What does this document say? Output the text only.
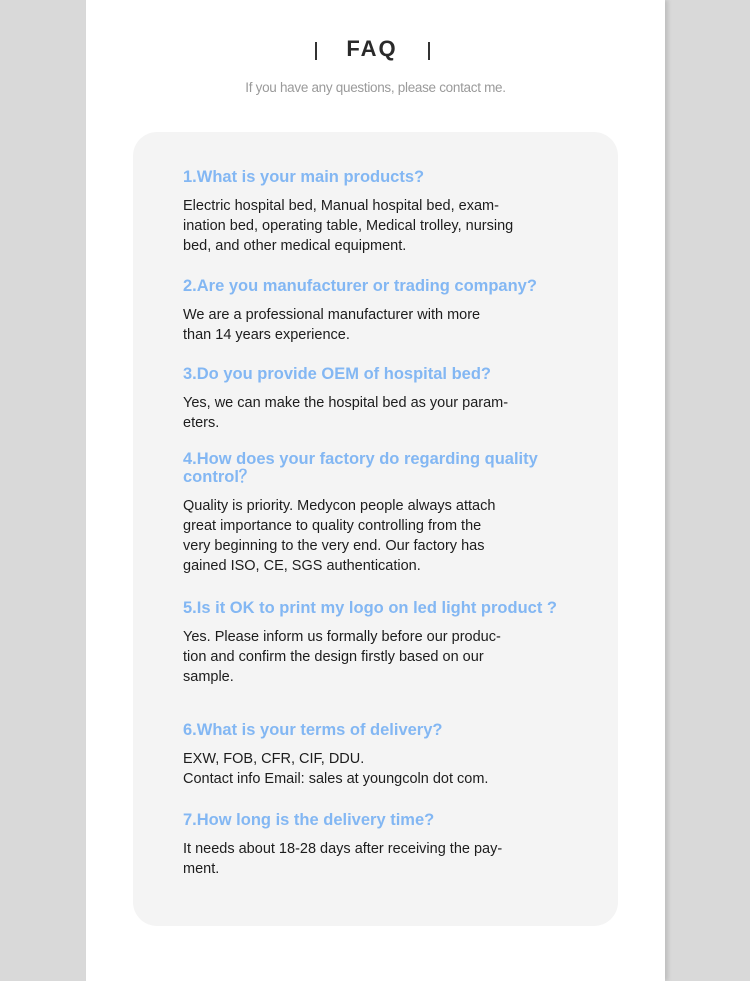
FAQ
If you have any questions, please contact me.

1.What is your main products?

Electric hospital bed, Manual hospital bed, exam-
ination bed, operating table, Medical trolley, nursing
bed, and other medical equipment.

2.Are you manufacturer or trading company?

We are a professional manufacturer with more
than 14 years experience.

3.Do you provide OEM of hospital bed?

Yes, we can make the hospital bed as your param-
eters.

4.How does your factory do regarding quality control？

Quality is priority. Medycon people always attach
great importance to quality controlling from the
very beginning to the very end. Our factory has
gained ISO, CE, SGS authentication.

5.Is it OK to print my logo on led light product ?

Yes. Please inform us formally before our produc-
tion and confirm the design firstly based on our
sample.

6.What is your terms of delivery?

EXW, FOB, CFR, CIF, DDU.
Contact info Email: sales at youngcoln dot com.

7.How long is the delivery time?

It needs about 18-28 days after receiving the pay-
ment.
